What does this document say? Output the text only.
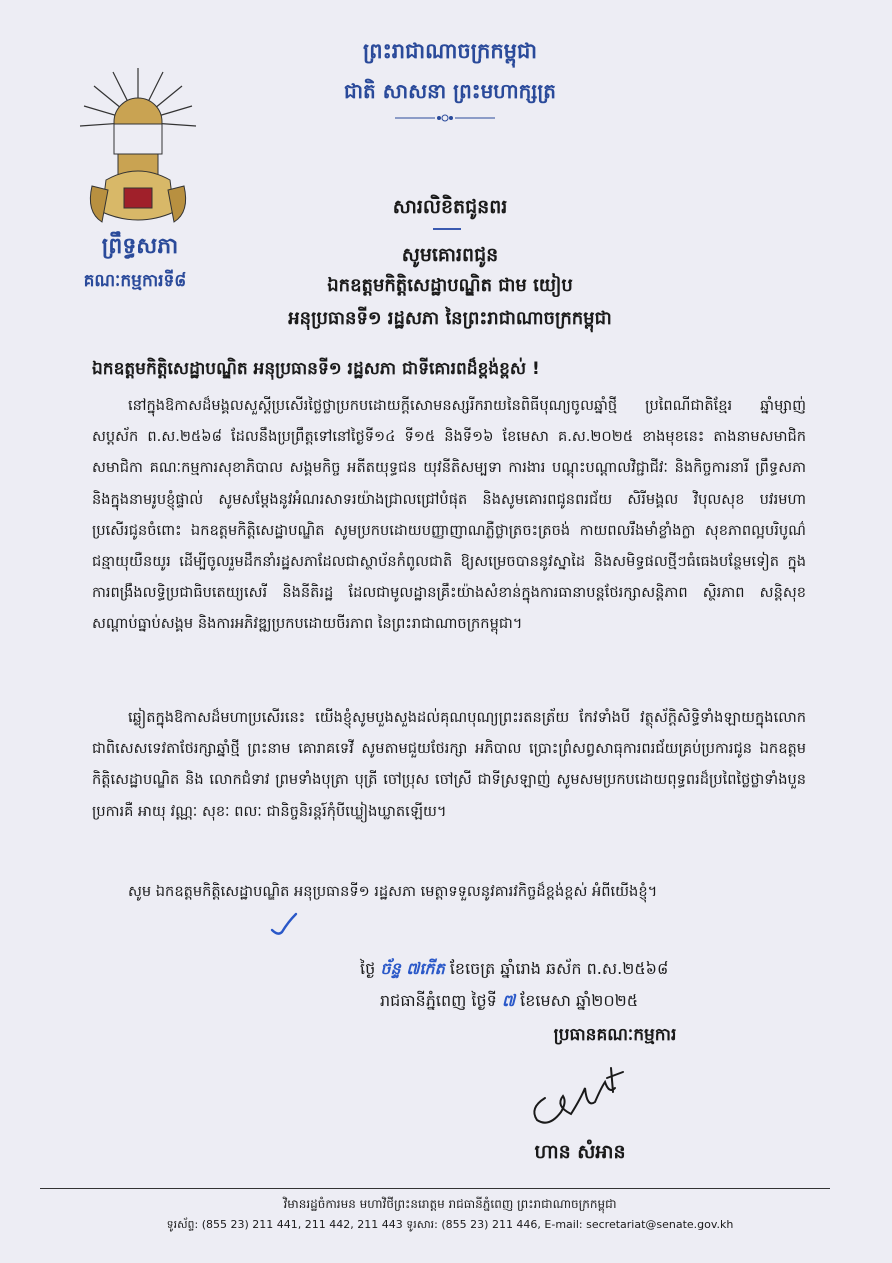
ព្រឹទ្ធសភា
គណៈកម្មការទី៨
ព្រះរាជាណាចក្រកម្ពុជា
ជាតិ សាសនា ព្រះមហាក្សត្រ
សារលិខិតជូនពរ
សូមគោរពជូន
ឯកឧត្តមកិត្តិសេដ្ឋាបណ្ឌិត ជាម យៀប
អនុប្រធានទី១ រដ្ឋសភា នៃព្រះរាជាណាចក្រកម្ពុជា
ឯកឧត្តមកិត្តិសេដ្ឋាបណ្ឌិត អនុប្រធានទី១ រដ្ឋសភា ជាទីគោរពដ៏ខ្ពង់ខ្ពស់ !
នៅក្នុងឱកាសដ៏មង្គលសួស្តីប្រសើរថ្លៃថ្លាប្រកបដោយក្តីសោមនស្សរីករាយនៃពិធីបុណ្យចូលឆ្នាំថ្មី ប្រពៃណីជាតិខ្មែរ ឆ្នាំម្សាញ់ សប្តស័ក ព.ស.២៥៦៨ ដែលនឹងប្រព្រឹត្តទៅនៅថ្ងៃទី១៤ ទី១៥ និងទី១៦ ខែមេសា គ.ស.២០២៥ ខាងមុខនេះ តាងនាមសមាជិក សមាជិកា គណៈកម្មការសុខាភិបាល សង្គមកិច្ច អតីតយុទ្ធជន យុវនីតិសម្បទា ការងារ បណ្តុះបណ្តាលវិជ្ជាជីវៈ និងកិច្ចការនារី ព្រឹទ្ធសភា និងក្នុងនាមរូបខ្ញុំផ្ទាល់ សូមសម្តែងនូវអំណរសាទរយ៉ាងជ្រាលជ្រៅបំផុត និងសូមគោរពជូនពរជ័យ សិរីមង្គល វិបុលសុខ បវរមហាប្រសើរជូនចំពោះ ឯកឧត្តមកិត្តិសេដ្ឋាបណ្ឌិត សូមប្រកបដោយបញ្ញាញាណភ្លឺថ្លាត្រចះត្រចង់ កាយពលរឹងមាំខ្លាំងក្លា សុខភាពល្អបរិបូណ៌ ជន្មាយុយឺនយូរ ដើម្បីចូលរួមដឹកនាំរដ្ឋសភាដែលជាស្ថាប័នកំពូលជាតិ ឱ្យសម្រេចបាននូវស្នាដៃ និងសមិទ្ធផលថ្មីៗធំធេងបន្ថែមទៀត ក្នុងការពង្រឹងលទ្ធិប្រជាធិបតេយ្យសេរី និងនីតិរដ្ឋ ដែលជាមូលដ្ឋានគ្រឹះយ៉ាងសំខាន់ក្នុងការធានាបន្តថែរក្សាសន្តិភាព ស្ថិរភាព សន្តិសុខ សណ្តាប់ធ្នាប់សង្គម និងការអភិវឌ្ឍប្រកបដោយចីរភាព នៃព្រះរាជាណាចក្រកម្ពុជា។
ឆ្លៀតក្នុងឱកាសដ៏មហាប្រសើរនេះ យើងខ្ញុំសូមបួងសួងដល់គុណបុណ្យព្រះរតនត្រ័យ កែវទាំងបី វត្ថុស័ក្តិសិទ្ធិទាំងឡាយក្នុងលោក ជាពិសេសទេវតាថែរក្សាឆ្នាំថ្មី ព្រះនាម គោរាគទេវី សូមតាមជួយថែរក្សា អភិបាល ប្រោះព្រំសព្វសាធុការពរជ័យគ្រប់ប្រការជូន ឯកឧត្តមកិត្តិសេដ្ឋាបណ្ឌិត និង លោកជំទាវ ព្រមទាំងបុត្រា បុត្រី ចៅប្រុស ចៅស្រី ជាទីស្រឡាញ់ សូមសមប្រកបដោយពុទ្ធពរដ៏ប្រពៃថ្លៃថ្លាទាំងបួនប្រការគឺ អាយុ វណ្ណៈ សុខៈ ពលៈ ជានិច្ចនិរន្តរ៍កុំបីឃ្លៀងឃ្លាតឡើយ។
សូម ឯកឧត្តមកិត្តិសេដ្ឋាបណ្ឌិត អនុប្រធានទី១ រដ្ឋសភា មេត្តាទទួលនូវគារវកិច្ចដ៏ខ្ពង់ខ្ពស់ អំពីយើងខ្ញុំ។
ថ្ងៃ ច័ន្ទ ៧កើត ខែចេត្រ ឆ្នាំរោង ឆស័ក ព.ស.២៥៦៨
រាជធានីភ្នំពេញ ថ្ងៃទី ៧ ខែមេសា ឆ្នាំ២០២៥
ប្រធានគណៈកម្មការ
ហាន សំអាន
វិមានរដ្ឋចំការមន មហាវិថីព្រះនរោត្តម រាជធានីភ្នំពេញ ព្រះរាជាណាចក្រកម្ពុជា
ទូរស័ព្ទ: (855 23) 211 441, 211 442, 211 443 ទូរសារ: (855 23) 211 446, E-mail: secretariat@senate.gov.kh
